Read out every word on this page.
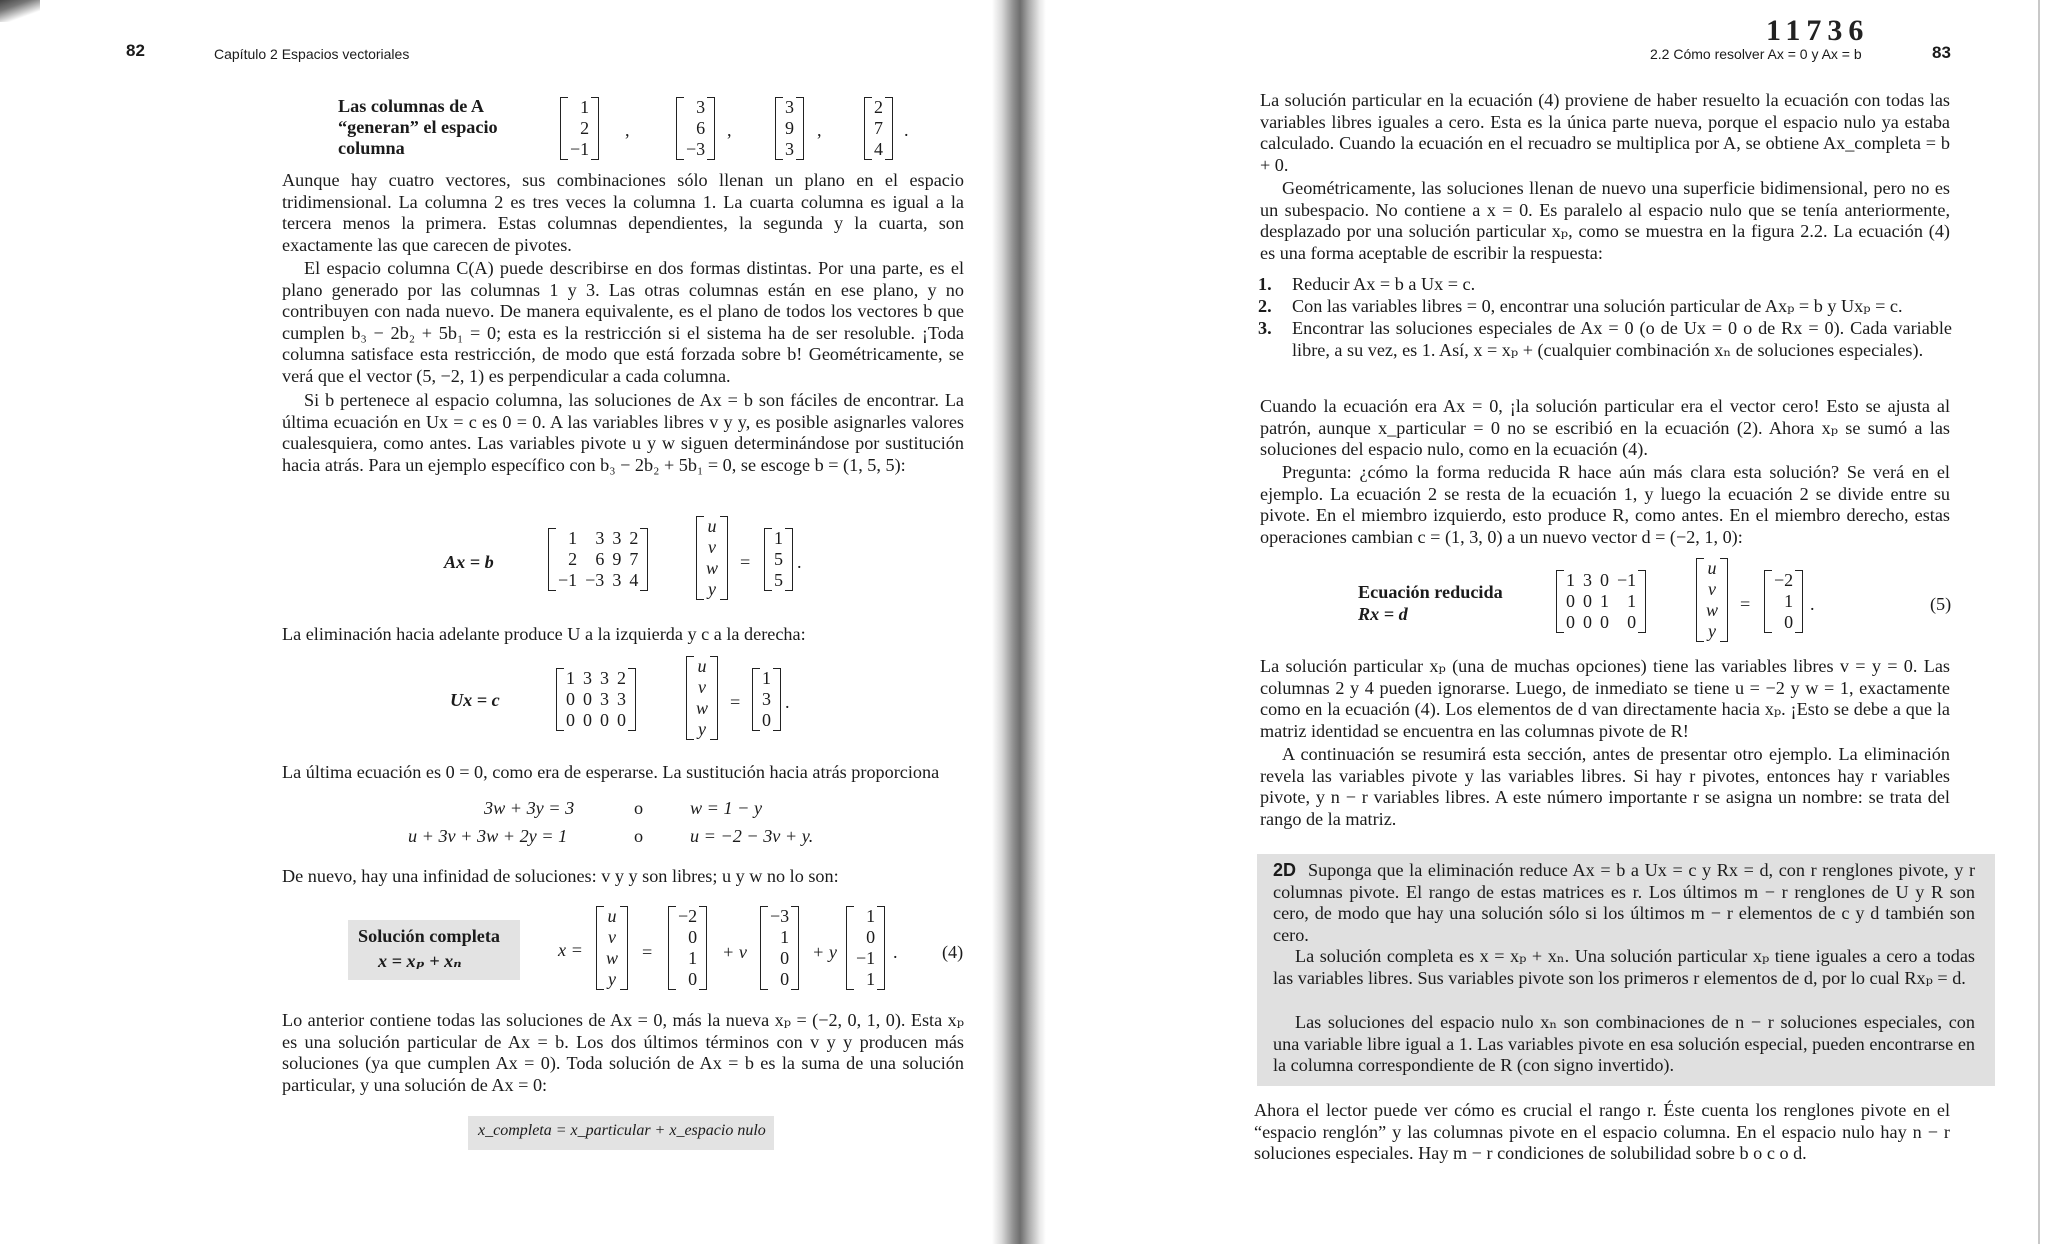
82	Capítulo 2 Espacios vectoriales
Las columnas de A “generan” el espacio columna
1
2
−1
,
3
6
−3
,
3
9
3
,
2
7
4
.

Aunque hay cuatro vectores, sus combinaciones sólo llenan un plano en el espacio tridimensional. La columna 2 es tres veces la columna 1. La cuarta columna es igual a la tercera menos la primera. Estas columnas dependientes, la segunda y la cuarta, son exactamente las que carecen de pivotes.

El espacio columna C(A) puede describirse en dos formas distintas. Por una parte, es el plano generado por las columnas 1 y 3. Las otras columnas están en ese plano, y no contribuyen con nada nuevo. De manera equivalente, es el plano de todos los vectores b que cumplen b₃ − 2b₂ + 5b₁ = 0; esta es la restricción si el sistema ha de ser resoluble. ¡Toda columna satisface esta restricción, de modo que está forzada sobre b! Geométricamente, se verá que el vector (5, −2, 1) es perpendicular a cada columna.

Si b pertenece al espacio columna, las soluciones de Ax = b son fáciles de encontrar. La última ecuación en Ux = c es 0 = 0. A las variables libres v y y, es posible asignarles valores cualesquiera, como antes. Las variables pivote u y w siguen determinándose por sustitución hacia atrás. Para un ejemplo específico con b₃ − 2b₂ + 5b₁ = 0, se escoge b = (1, 5, 5):

Ax = b
1	3 3 2
2	6 9 7
−1 −3 3 4
u
v
w
y
=
1
5
5
.

La eliminación hacia adelante produce U a la izquierda y c a la derecha:

Ux = c
1 3 3 2
0 0 3 3
0 0 0 0
u
v
w
y
=
1
3
0
.

La última ecuación es 0 = 0, como era de esperarse. La sustitución hacia atrás proporciona

3w + 3y = 3	o	w = 1 − y
u + 3v + 3w + 2y = 1	o	u = −2 − 3v + y.

De nuevo, hay una infinidad de soluciones: v y y son libres; u y w no lo son:

Solución completa
x = xₚ + xₙ
x =
u
v
w
y
=
−2
0
1
0
+ v
−3
1
0
0
+ y
1
0
−1
1
. (4)

Lo anterior contiene todas las soluciones de Ax = 0, más la nueva xₚ = (−2, 0, 1, 0). Esta xₚ es una solución particular de Ax = b. Los dos últimos términos con v y y producen más soluciones (ya que cumplen Ax = 0). Toda solución de Ax = b es la suma de una solución particular, y una solución de Ax = 0:

x_completa = x_particular + x_espacio nulo
11736
2.2 Cómo resolver Ax = 0 y Ax = b	83

La solución particular en la ecuación (4) proviene de haber resuelto la ecuación con todas las variables libres iguales a cero. Esta es la única parte nueva, porque el espacio nulo ya estaba calculado. Cuando la ecuación en el recuadro se multiplica por A, se obtiene Ax_completa = b + 0.

Geométricamente, las soluciones llenan de nuevo una superficie bidimensional, pero no es un subespacio. No contiene a x = 0. Es paralelo al espacio nulo que se tenía anteriormente, desplazado por una solución particular xₚ, como se muestra en la figura 2.2. La ecuación (4) es una forma aceptable de escribir la respuesta:

1. Reducir Ax = b a Ux = c.
2. Con las variables libres = 0, encontrar una solución particular de Axₚ = b y Uxₚ = c.
3. Encontrar las soluciones especiales de Ax = 0 (o de Ux = 0 o de Rx = 0). Cada variable libre, a su vez, es 1. Así, x = xₚ + (cualquier combinación xₙ de soluciones especiales).

Cuando la ecuación era Ax = 0, ¡la solución particular era el vector cero! Esto se ajusta al patrón, aunque x_particular = 0 no se escribió en la ecuación (2). Ahora xₚ se sumó a las soluciones del espacio nulo, como en la ecuación (4).

Pregunta: ¿cómo la forma reducida R hace aún más clara esta solución? Se verá en el ejemplo. La ecuación 2 se resta de la ecuación 1, y luego la ecuación 2 se divide entre su pivote. En el miembro izquierdo, esto produce R, como antes. En el miembro derecho, estas operaciones cambian c = (1, 3, 0) a un nuevo vector d = (−2, 1, 0):

Ecuación reducida
Rx = d
1 3 0 −1
0 0 1	1
0 0 0	0
u
v
w
y
=
−2
1
0
.	(5)

La solución particular xₚ (una de muchas opciones) tiene las variables libres v = y = 0. Las columnas 2 y 4 pueden ignorarse. Luego, de inmediato se tiene u = −2 y w = 1, exactamente como en la ecuación (4). Los elementos de d van directamente hacia xₚ. ¡Esto se debe a que la matriz identidad se encuentra en las columnas pivote de R!

A continuación se resumirá esta sección, antes de presentar otro ejemplo. La eliminación revela las variables pivote y las variables libres. Si hay r pivotes, entonces hay r variables pivote, y n − r variables libres. A este número importante r se asigna un nombre: se trata del rango de la matriz.

2D Suponga que la eliminación reduce Ax = b a Ux = c y Rx = d, con r renglones pivote, y r columnas pivote. El rango de estas matrices es r. Los últimos m − r renglones de U y R son cero, de modo que hay una solución sólo si los últimos m − r elementos de c y d también son cero.

La solución completa es x = xₚ + xₙ. Una solución particular xₚ tiene iguales a cero a todas las variables libres. Sus variables pivote son los primeros r elementos de d, por lo cual Rxₚ = d.

Las soluciones del espacio nulo xₙ son combinaciones de n − r soluciones especiales, con una variable libre igual a 1. Las variables pivote en esa solución especial, pueden encontrarse en la columna correspondiente de R (con signo invertido).

Ahora el lector puede ver cómo es crucial el rango r. Éste cuenta los renglones pivote en el “espacio renglón” y las columnas pivote en el espacio columna. En el espacio nulo hay n − r soluciones especiales. Hay m − r condiciones de solubilidad sobre b o c o d.
